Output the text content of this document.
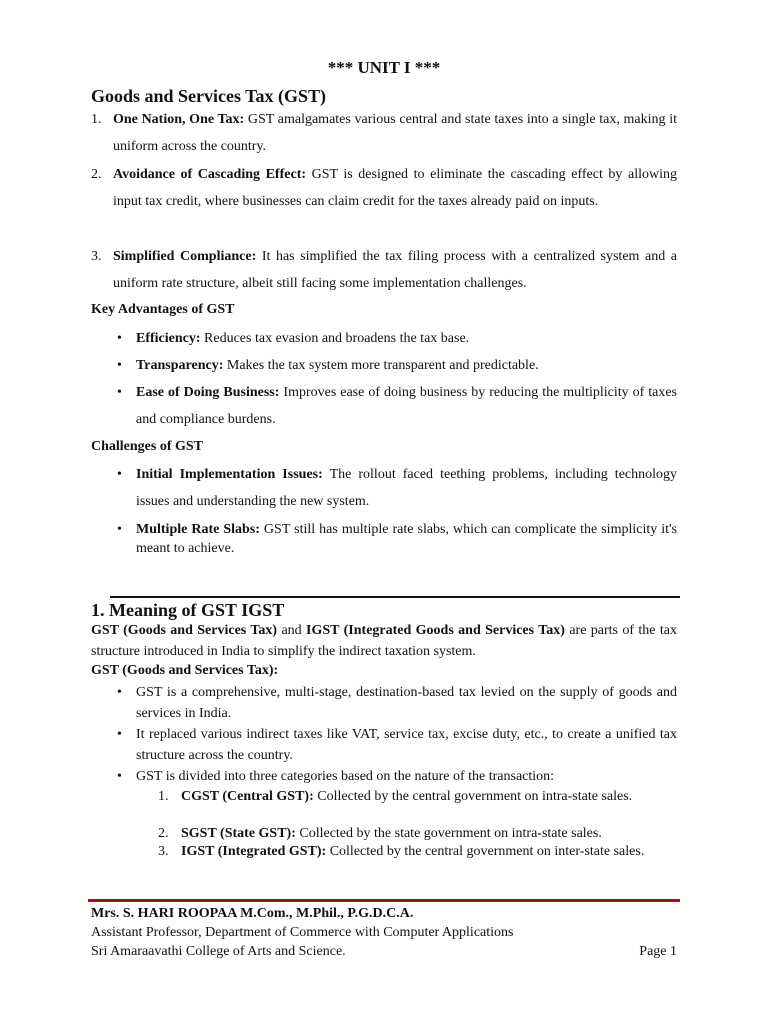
*** UNIT I ***
Goods and Services Tax (GST)
1. One Nation, One Tax: GST amalgamates various central and state taxes into a single tax, making it uniform across the country.
2. Avoidance of Cascading Effect: GST is designed to eliminate the cascading effect by allowing input tax credit, where businesses can claim credit for the taxes already paid on inputs.
3. Simplified Compliance: It has simplified the tax filing process with a centralized system and a uniform rate structure, albeit still facing some implementation challenges.
Key Advantages of GST
• Efficiency: Reduces tax evasion and broadens the tax base.
• Transparency: Makes the tax system more transparent and predictable.
• Ease of Doing Business: Improves ease of doing business by reducing the multiplicity of taxes and compliance burdens.
Challenges of GST
• Initial Implementation Issues: The rollout faced teething problems, including technology issues and understanding the new system.
• Multiple Rate Slabs: GST still has multiple rate slabs, which can complicate the simplicity it's meant to achieve.
1. Meaning of GST IGST
GST (Goods and Services Tax) and IGST (Integrated Goods and Services Tax) are parts of the tax structure introduced in India to simplify the indirect taxation system.
GST (Goods and Services Tax):
• GST is a comprehensive, multi-stage, destination-based tax levied on the supply of goods and services in India.
• It replaced various indirect taxes like VAT, service tax, excise duty, etc., to create a unified tax structure across the country.
• GST is divided into three categories based on the nature of the transaction:
1. CGST (Central GST): Collected by the central government on intra-state sales.
2. SGST (State GST): Collected by the state government on intra-state sales.
3. IGST (Integrated GST): Collected by the central government on inter-state sales.
Mrs. S. HARI ROOPAA M.Com., M.Phil., P.G.D.C.A.
Assistant Professor, Department of Commerce with Computer Applications
Sri Amaraavathi College of Arts and Science.	Page 1
